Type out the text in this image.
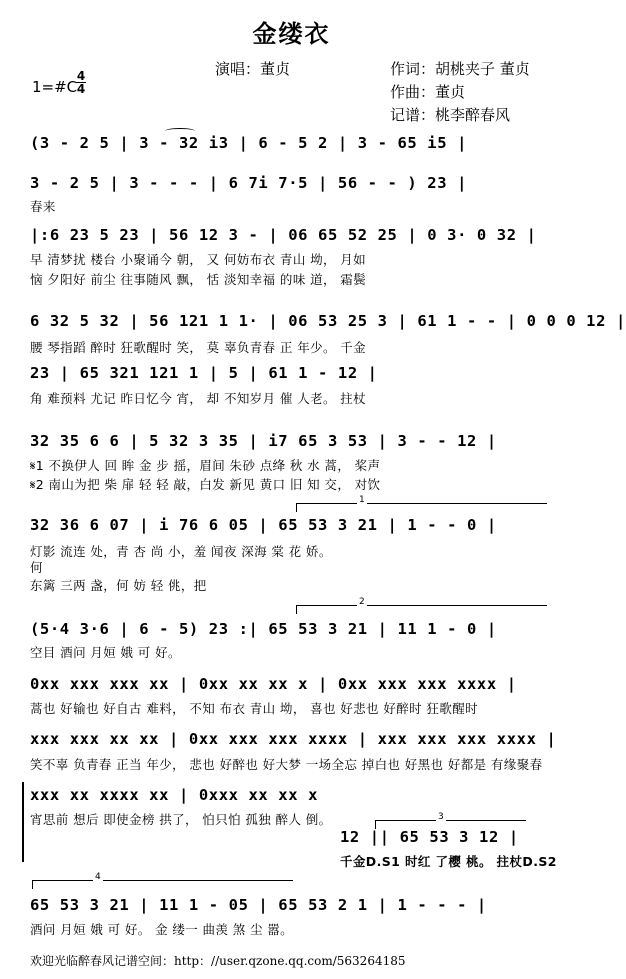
金缕衣
演唱：董贞	作词：胡桃夹子 董贞
作曲：董贞
记谱：桃李醉春风
1=#C
4
4
(3 - 2 5 | 3 - 32 i3 | 6 - 5 2 | 3 - 65 i5 |
3 - 2 5 | 3 - - - | 6 7i 7·5 | 56 - - ) 23 |
春来
|:6 23 5 23 | 56 12 3 - | 06 65 52 25 | 0 3· 0 32 |
早 清梦扰 楼台 小聚诵今 朝， 又 何妨布衣 青山 坳， 月如
恼 夕阳好 前尘 往事随风 飘， 恬 淡知幸福 的味 道， 霜鬓
6 32 5 32 | 56 121 1 1· | 06 53 25 3 | 61 1 - - | 0 0 0 12 |
腰 琴指蹈 醉时 狂歌醒时 笑， 莫 辜负青春 正 年少。 千金
23 | 65 321 121 1 | 5 | 61 1 - 12 |
角 难预料 尤记 昨日忆今 宵， 却 不知岁月 催 人老。 拄杖
32 35 6 6 | 5 32 3 35 | i7 65 3 53 | 3 - - 12 |
𝄋1 不换伊人 回 眸 金 步 摇，眉间 朱砂 点绛 秋 水 蒿， 桨声
𝄋2 南山为把 柴 扉 轻 轻 敲，白发 新见 黄口 旧 知 交， 对饮
1
32 36 6 07 | i 76 6 05 | 65 53 3 21 | 1 - - 0 |
灯影 流连 处，青 杏 尚 小，羞 闻夜 深海 棠 花 娇。
何
东篱 三两 盏，何 妨 轻 佻，把
2
(5·4 3·6 | 6 - 5) 23 :| 65 53 3 21 | 11 1 - 0 |
空目 酒问 月姮 娥 可 好。
0xx xxx xxx xx | 0xx xx xx x | 0xx xxx xxx xxxx |
蒿也 好输也 好自古 难料， 不知 布衣 青山 坳， 喜也 好悲也 好醉时 狂歌醒时
xxx xxx xx xx | 0xx xxx xxx xxxx | xxx xxx xxx xxxx |
笑不辜 负青春 正当 年少， 悲也 好醉也 好大梦 一场全忘 掉白也 好黑也 好都是 有缘聚春
xxx xx xxxx xx | 0xxx xx xx x
宵思前 想后 即使金榜 拱了， 怕只怕 孤独 醉人 倒。	3
12 || 65 53 3 12 |
千金D.S1 时红 了樱 桃。 拄杖D.S2
4
65 53 3 21 | 11 1 - 05 | 65 53 2 1 | 1 - - - |
酒问 月姮 娥 可 好。 金 缕一 曲羡 煞 尘 嚣。
欢迎光临醉春风记谱空间：http：//user.qzone.qq.com/563264185
